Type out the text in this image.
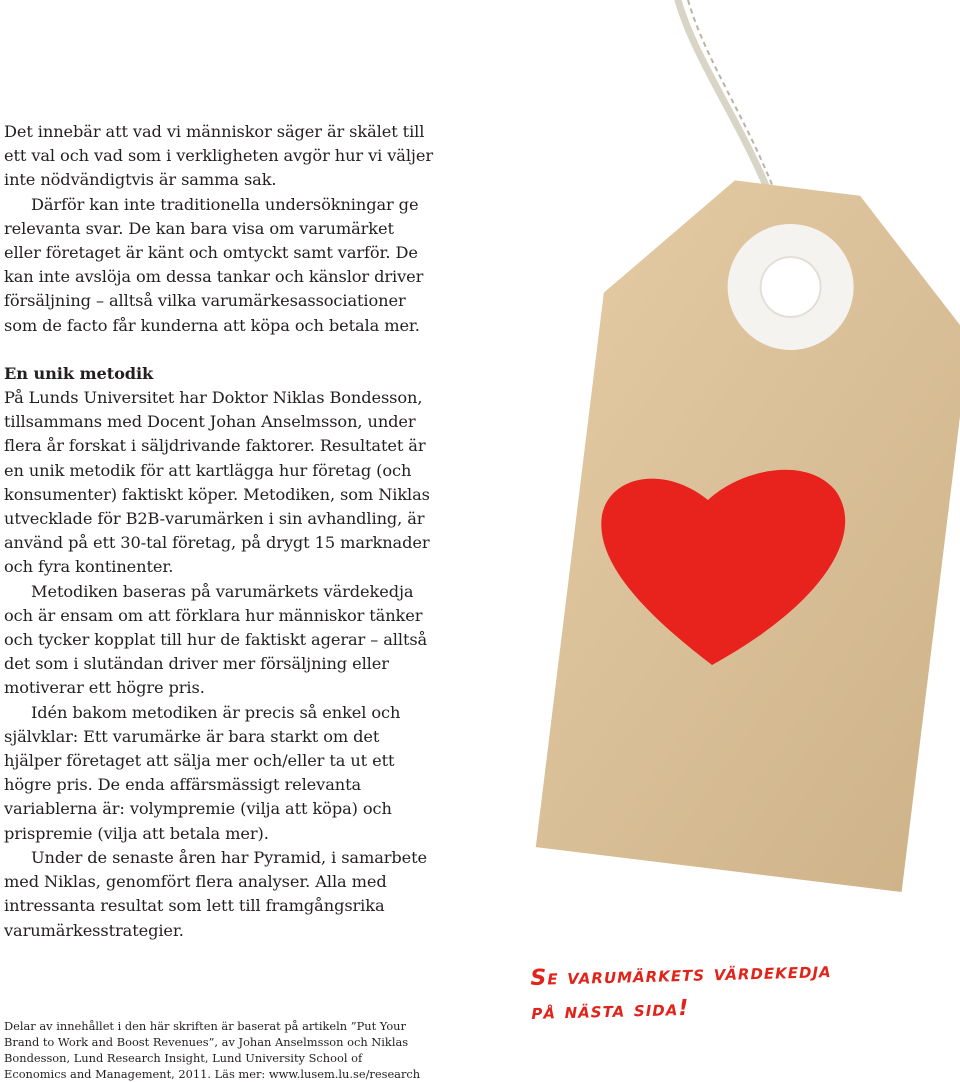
Det innebär att vad vi människor säger är skälet till ett val och vad som i verkligheten avgör hur vi väljer inte nödvändigtvis är samma sak.

Därför kan inte traditionella undersökningar ge relevanta svar. De kan bara visa om varumärket eller företaget är känt och omtyckt samt varför. De kan inte avslöja om dessa tankar och känslor driver försäljning – alltså vilka varumärkesassociationer som de facto får kunderna att köpa och betala mer.

En unik metodik

På Lunds Universitet har Doktor Niklas Bondesson, tillsammans med Docent Johan Anselmsson, under flera år forskat i säljdrivande faktorer. Resultatet är en unik metodik för att kartlägga hur företag (och konsumenter) faktiskt köper. Metodiken, som Niklas utvecklade för B2B-varumärken i sin avhandling, är använd på ett 30-tal företag, på drygt 15 marknader och fyra kontinenter.

Metodiken baseras på varumärkets värdekedja och är ensam om att förklara hur människor tänker och tycker kopplat till hur de faktiskt agerar – alltså det som i slutändan driver mer försäljning eller motiverar ett högre pris.

Idén bakom metodiken är precis så enkel och självklar: Ett varumärke är bara starkt om det hjälper företaget att sälja mer och/eller ta ut ett högre pris. De enda affärsmässigt relevanta variablerna är: volympremie (vilja att köpa) och prispremie (vilja att betala mer).

Under de senaste åren har Pyramid, i samarbete med Niklas, genomfört flera analyser. Alla med intressanta resultat som lett till framgångsrika varumärkesstrategier.

Delar av innehållet i den här skriften är baserat på artikeln ”Put Your Brand to Work and Boost Revenues”, av Johan Anselmsson och Niklas Bondesson, Lund Research Insight, Lund University School of Economics and Management, 2011. Läs mer: www.lusem.lu.se/research
Se varumärkets värdekedja
på nästa sida!
